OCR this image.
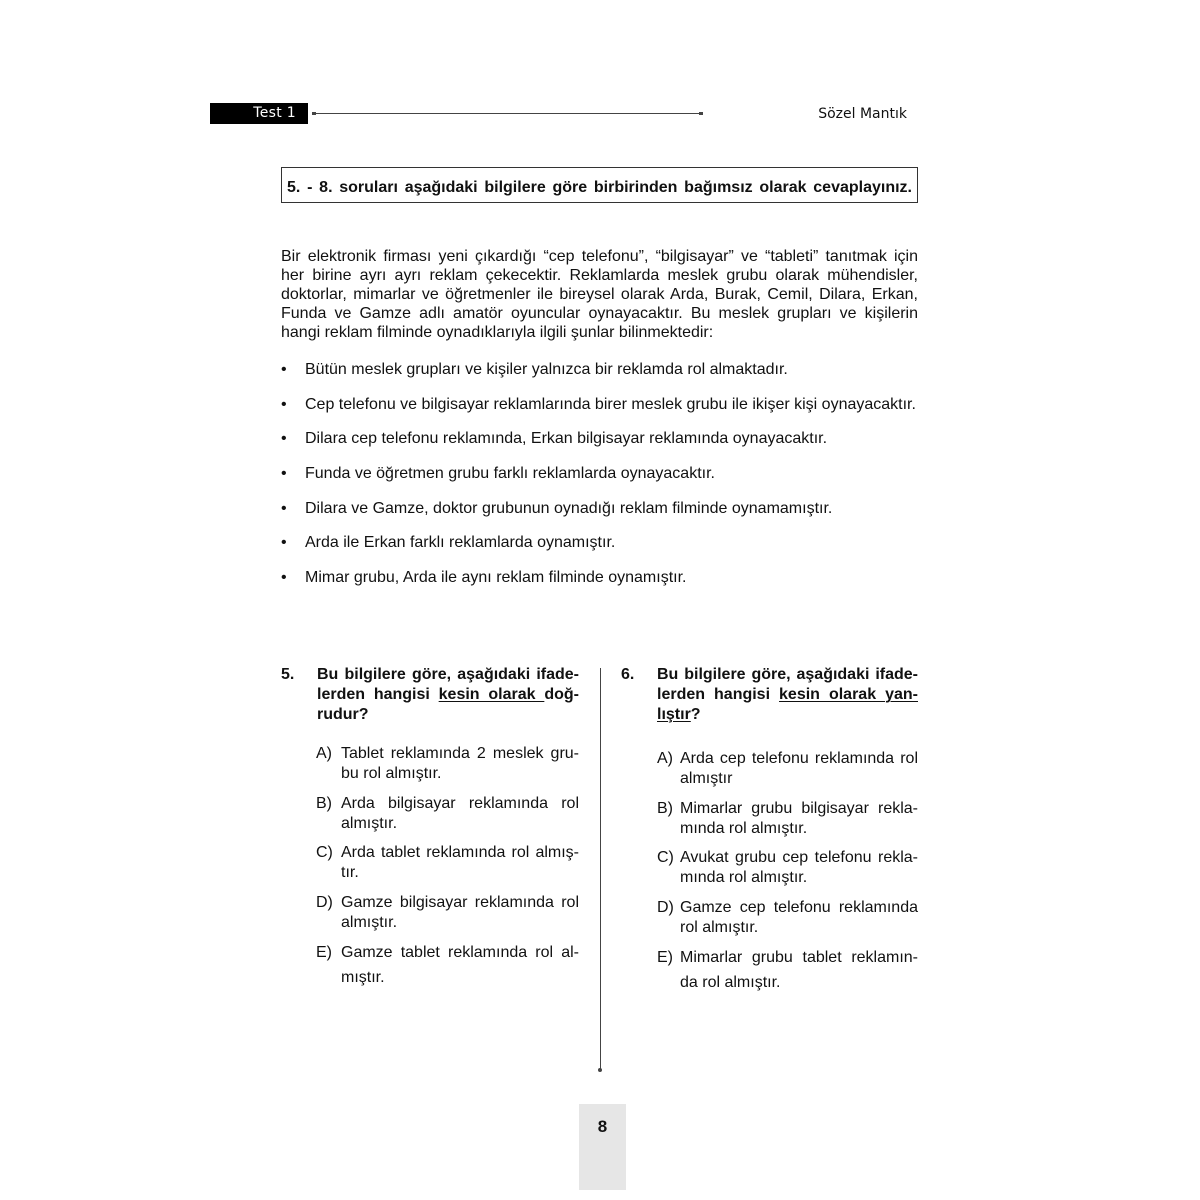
Test 1	Sözel Mantık
5. - 8. soruları aşağıdaki bilgilere göre birbirinden bağımsız olarak cevaplayınız.
Bir elektronik firması yeni çıkardığı “cep telefonu”, “bilgisayar” ve “tableti” tanıtmak için
her birine ayrı ayrı reklam çekecektir. Reklamlarda meslek grubu olarak mühendisler,
doktorlar, mimarlar ve öğretmenler ile bireysel olarak Arda, Burak, Cemil, Dilara, Erkan,
Funda ve Gamze adlı amatör oyuncular oynayacaktır. Bu meslek grupları ve kişilerin
hangi reklam filminde oynadıklarıyla ilgili şunlar bilinmektedir:
• Bütün meslek grupları ve kişiler yalnızca bir reklamda rol almaktadır.
• Cep telefonu ve bilgisayar reklamlarında birer meslek grubu ile ikişer kişi oynayacaktır.
• Dilara cep telefonu reklamında, Erkan bilgisayar reklamında oynayacaktır.
• Funda ve öğretmen grubu farklı reklamlarda oynayacaktır.
• Dilara ve Gamze, doktor grubunun oynadığı reklam filminde oynamamıştır.
• Arda ile Erkan farklı reklamlarda oynamıştır.
• Mimar grubu, Arda ile aynı reklam filminde oynamıştır.
5. Bu bilgilere göre, aşağıdaki ifade-
lerden hangisi kesin olarak doğ-
rudur?
A) Tablet reklamında 2 meslek gru-
bu rol almıştır.
B) Arda bilgisayar reklamında rol
almıştır.
C) Arda tablet reklamında rol almış-
tır.
D) Gamze bilgisayar reklamında rol
almıştır.
E) Gamze tablet reklamında rol al-
mıştır.
6. Bu bilgilere göre, aşağıdaki ifade-
lerden hangisi kesin olarak yan-
lıştır?
A) Arda cep telefonu reklamında rol
almıştır
B) Mimarlar grubu bilgisayar rekla-
mında rol almıştır.
C) Avukat grubu cep telefonu rekla-
mında rol almıştır.
D) Gamze cep telefonu reklamında
rol almıştır.
E) Mimarlar grubu tablet reklamın-
da rol almıştır.
8
